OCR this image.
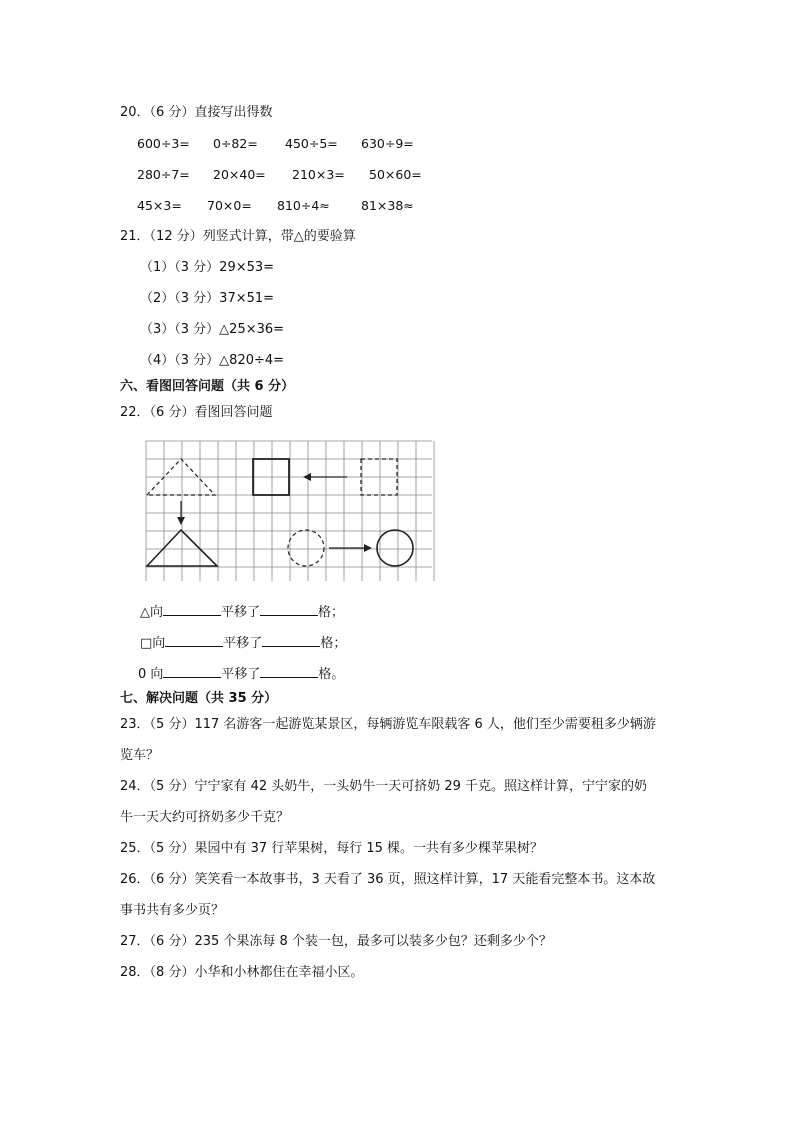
20．（6 分）直接写出得数
600÷3= 0÷82= 450÷5= 630÷9=
280÷7= 20×40= 210×3= 50×60=
45×3= 70×0= 810÷4≈ 81×38≈
21．（12 分）列竖式计算，带△的要验算
（1）（3 分）29×53=
（2）（3 分）37×51=
（3）（3 分）△25×36=
（4）（3 分）△820÷4=
六、看图回答问题（共 6 分）
22．（6 分）看图回答问题
△向	平移了	格；
□向	平移了	格；
0 向	平移了	格。
七、解决问题（共 35 分）
23．（5 分）117 名游客一起游览某景区，每辆游览车限载客 6 人，他们至少需要租多少辆游
览车？
24．（5 分）宁宁家有 42 头奶牛，一头奶牛一天可挤奶 29 千克。照这样计算，宁宁家的奶
牛一天大约可挤奶多少千克？
25．（5 分）果园中有 37 行苹果树，每行 15 棵。一共有多少棵苹果树？
26．（6 分）笑笑看一本故事书，3 天看了 36 页，照这样计算，17 天能看完整本书。这本故
事书共有多少页？
27．（6 分）235 个果冻每 8 个装一包，最多可以装多少包？还剩多少个？
28．（8 分）小华和小林都住在幸福小区。
